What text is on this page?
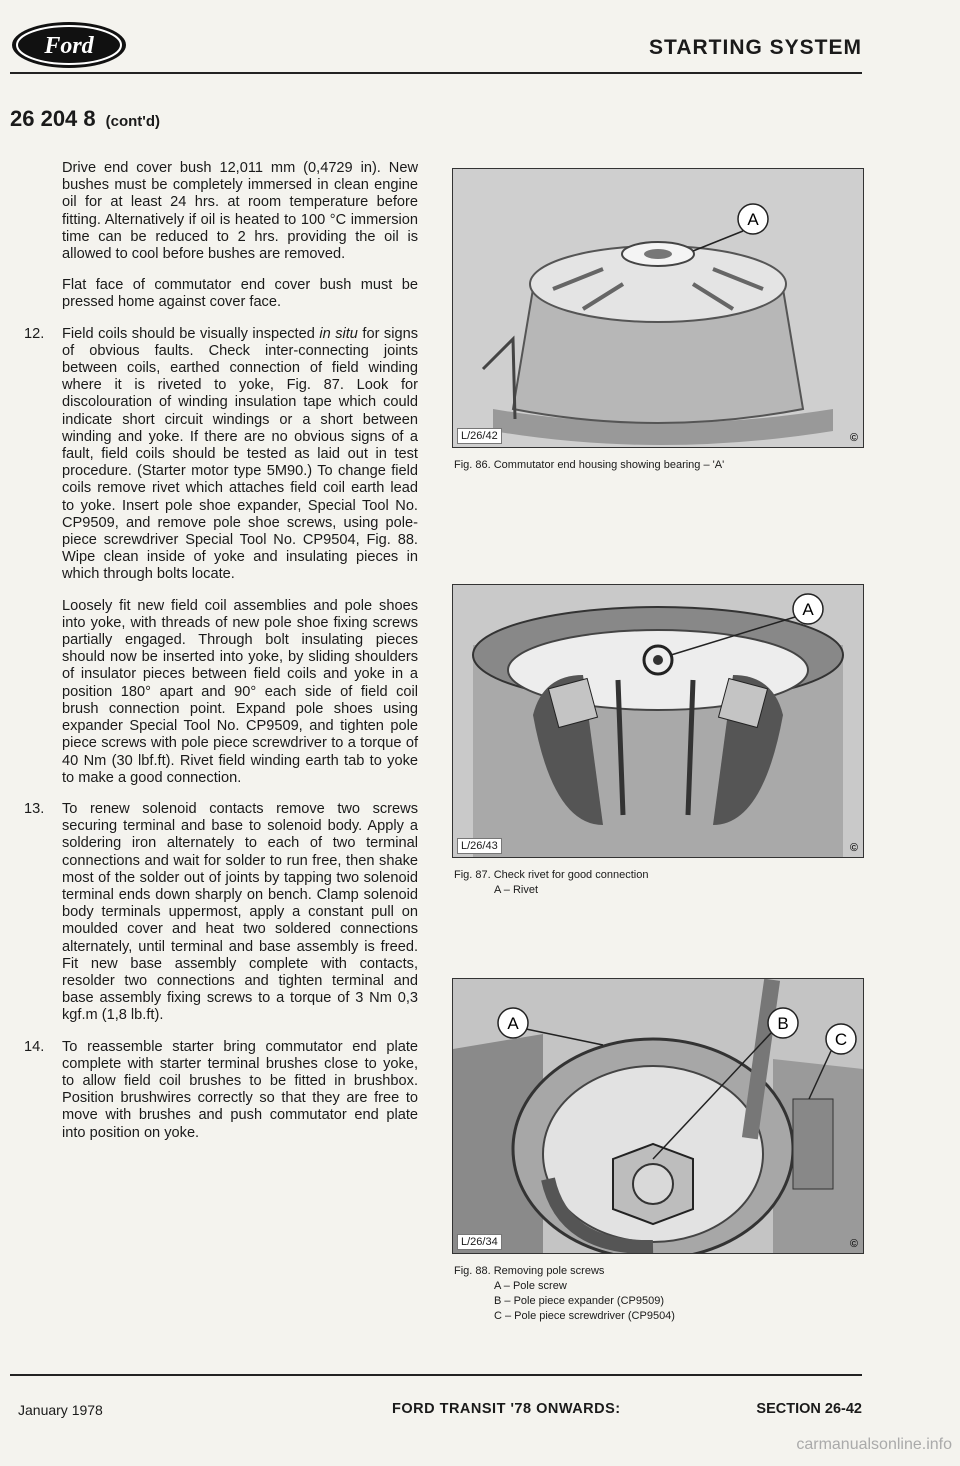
Ford	STARTING SYSTEM
26 204 8 (cont'd)

Drive end cover bush 12,011 mm (0,4729 in). New bushes must be completely immersed in clean engine oil for at least 24 hrs. at room temperature before fitting. Alternatively if oil is heated to 100 °C immersion time can be reduced to 2 hrs. providing the oil is allowed to cool before bushes are removed.

Flat face of commutator end cover bush must be pressed home against cover face.

12. Field coils should be visually inspected in situ for signs of obvious faults. Check inter-connecting joints between coils, earthed connection of field winding where it is riveted to yoke, Fig. 87. Look for discolouration of winding insulation tape which could indicate short circuit windings or a short between winding and yoke. If there are no obvious signs of a fault, field coils should be tested as laid out in test procedure. (Starter motor type 5M90.) To change field coils remove rivet which attaches field coil earth lead to yoke. Insert pole shoe expander, Special Tool No. CP9509, and remove pole shoe screws, using pole-piece screwdriver Special Tool No. CP9504, Fig. 88. Wipe clean inside of yoke and insulating pieces in which through bolts locate.

Loosely fit new field coil assemblies and pole shoes into yoke, with threads of new pole shoe fixing screws partially engaged. Through bolt insulating pieces should now be inserted into yoke, by sliding shoulders of insulator pieces between field coils and yoke in a position 180° apart and 90° each side of field coil brush connection point. Expand pole shoes using expander Special Tool No. CP9509, and tighten pole piece screws with pole piece screwdriver to a torque of 40 Nm (30 lbf.ft). Rivet field winding earth tab to yoke to make a good connection.

13. To renew solenoid contacts remove two screws securing terminal and base to solenoid body. Apply a soldering iron alternately to each of two terminal connections and wait for solder to run free, then shake most of the solder out of joints by tapping two solenoid terminal ends down sharply on bench. Clamp solenoid body terminals uppermost, apply a constant pull on moulded cover and heat two soldered connections alternately, until terminal and base assembly is freed. Fit new base assembly complete with contacts, resolder two connections and tighten terminal and base assembly fixing screws to a torque of 3 Nm 0,3 kgf.m (1,8 lb.ft).

14. To reassemble starter bring commutator end plate complete with starter terminal brushes close to yoke, to allow field coil brushes to be fitted in brushbox. Position brushwires correctly so that they are free to move with brushes and push commutator end plate into position on yoke.

A
L/26/42	©
Fig. 86. Commutator end housing showing bearing – 'A'
A
L/26/43	©
Fig. 87. Check rivet for good connection
A – Rivet
A	B
C
L/26/34	©
Fig. 88. Removing pole screws
A – Pole screw
B – Pole piece expander (CP9509)
C – Pole piece screwdriver (CP9504)
January 1978	FORD TRANSIT '78 ONWARDS:	SECTION 26-42
carmanualsonline.info
